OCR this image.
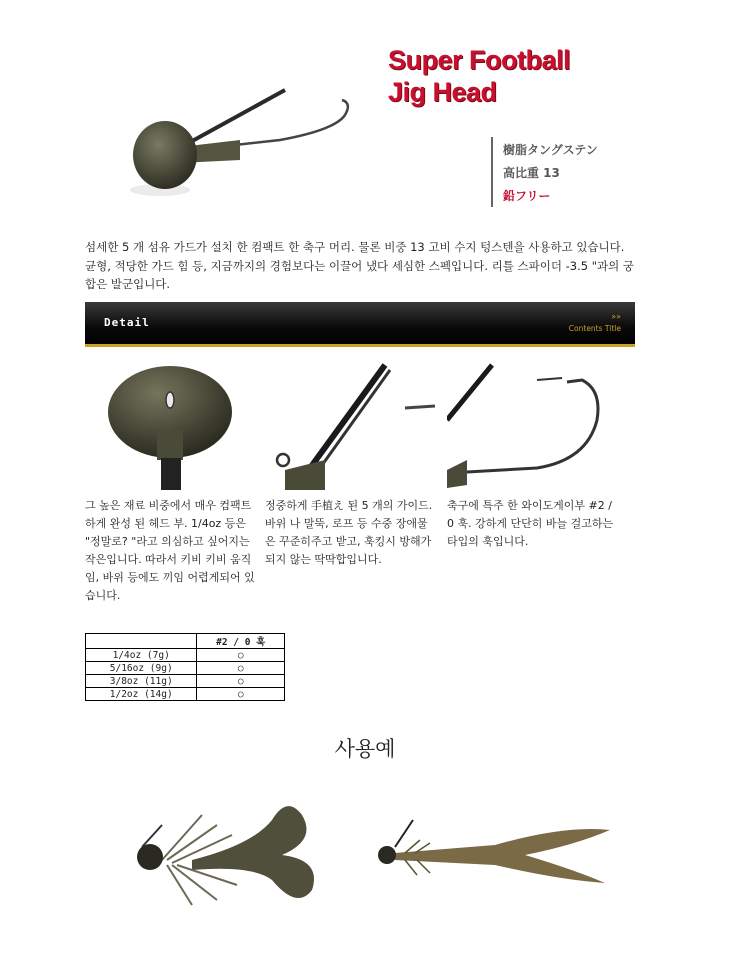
Super Football
Jig Head
樹脂タングステン
高比重 13
鉛フリー
섬세한 5 개 섬유 가드가 설치 한 컴팩트 한 축구 머리. 물론 비중 13 고비 수지 텅스텐을 사용하고 있습니다. 균형, 적당한 가드 힘 등, 지금까지의 경험보다는 이끌어 냈다 세심한 스펙입니다. 리틀 스파이더 -3.5 "과의 궁합은 발군입니다.
Detail	»»
Contents Title
그 높은 재료 비중에서 매우 컴팩트하게 완성 된 헤드 부. 1/4oz 등은 "정말로? "라고 의심하고 싶어지는 작은입니다. 따라서 키비 키비 움직임, 바위 등에도 끼임 어렵게되어 있습니다.
정중하게 手植え 된 5 개의 가이드. 바위 나 말뚝, 로프 등 수중 장애물은 꾸준히주고 받고, 훅킹시 방해가되지 않는 딱딱합입니다.
축구에 특주 한 와이도게이부 #2 / 0 훅. 강하게 단단히 바늘 걸고하는 타입의 훅입니다.
	#2 / 0 훅
1/4oz (7g)	○
5/16oz (9g)	○
3/8oz (11g)	○
1/2oz (14g)	○
사용예
